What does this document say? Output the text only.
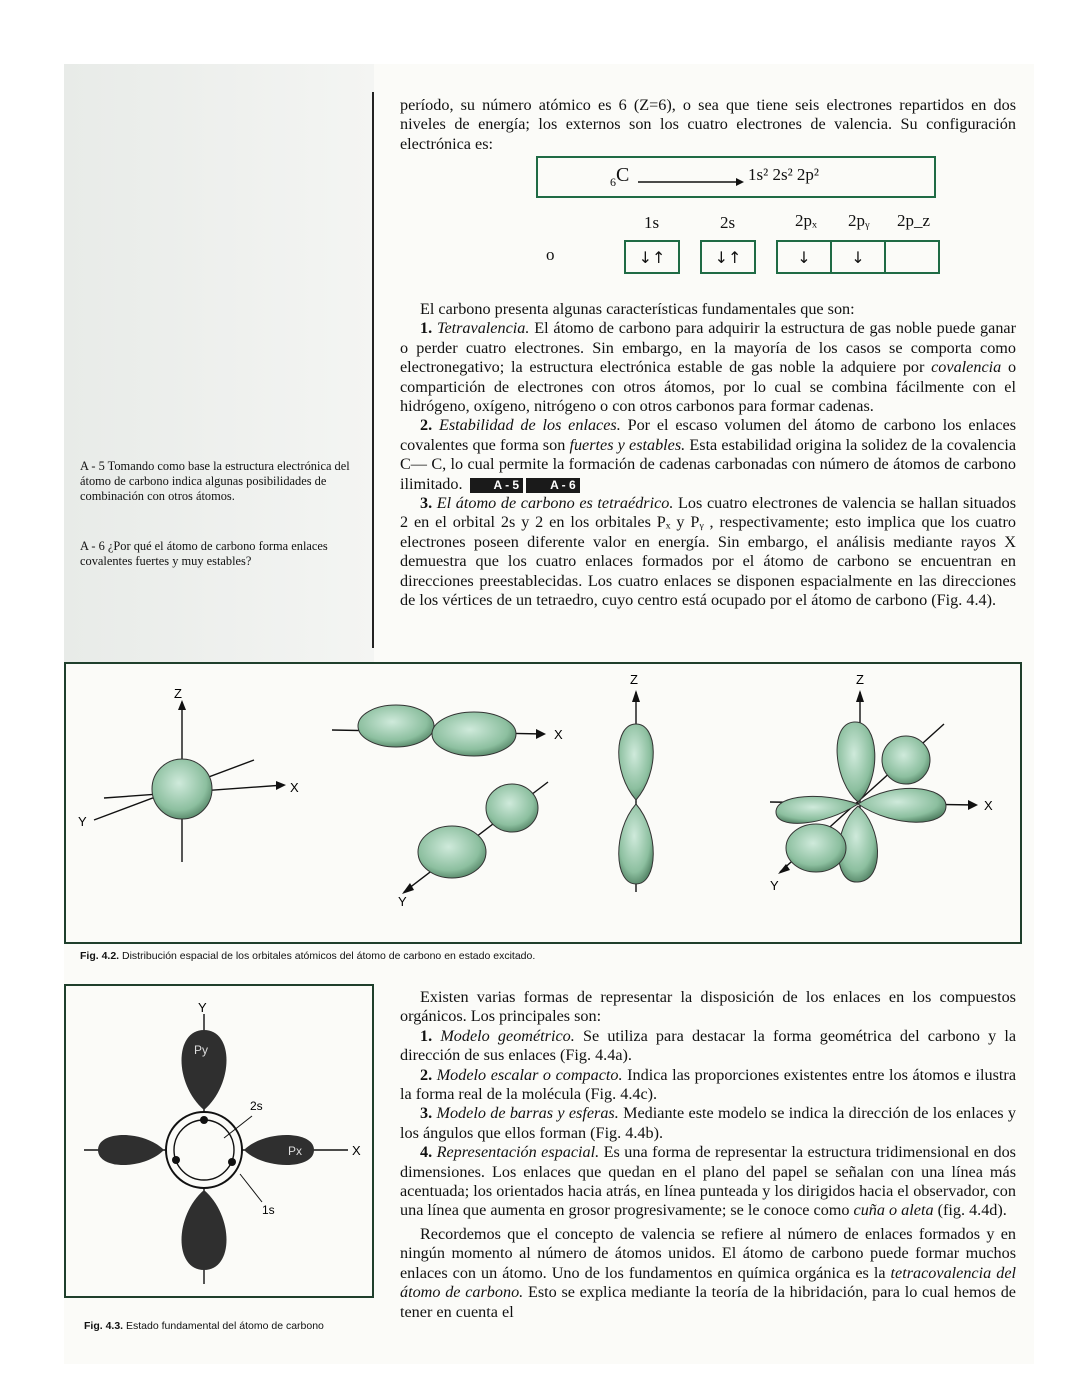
período, su número atómico es 6 (Z=6), o sea que tiene seis electrones repartidos en dos niveles de energía; los externos son los cuatro electrones de valencia. Su configuración electrónica es:

$_6$C	1s² 2s² 2p²
1s	2s	2pₓ 2pᵧ 2p_z
o	↓↑	↓↑	↓	↓

El carbono presenta algunas características fundamentales que son:

1. Tetravalencia. El átomo de carbono para adquirir la estructura de gas noble puede ganar o perder cuatro electrones. Sin embargo, en la mayoría de los casos se comporta como electronegativo; la estructura electrónica estable de gas noble la adquiere por covalencia o compartición de electrones con otros átomos, por lo cual se combina fácilmente con el hidrógeno, oxígeno, nitrógeno o con otros carbonos para formar cadenas.

2. Estabilidad de los enlaces. Por el escaso volumen del átomo de carbono los enlaces covalentes que forma son fuertes y estables. Esta estabilidad origina la solidez de la covalencia C— C, lo cual permite la formación de cadenas carbonadas con número de átomos de carbono ilimitado.	A - 5	A - 6

3. El átomo de carbono es tetraédrico. Los cuatro electrones de valencia se hallan situados 2 en el orbital 2s y 2 en los orbitales Pₓ y Pᵧ , respectivamente; esto implica que los cuatro electrones poseen diferente valor en energía. Sin embargo, el análisis mediante rayos X demuestra que los cuatro enlaces formados por el átomo de carbono se encuentran en direcciones preestablecidas. Los cuatro enlaces se disponen espacialmente en las direcciones de los vértices de un tetraedro, cuyo centro está ocupado por el átomo de carbono (Fig. 4.4).

A - 5 Tomando como base la estructura electrónica del átomo de carbono indica algunas posibilidades de combinación con otros átomos.

A - 6 ¿Por qué el átomo de carbono forma enlaces covalentes fuertes y muy estables?

Z
X
Y
X
Y
Z	Z
X
Y
Fig. 4.2. Distribución espacial de los orbitales atómicos del átomo de carbono en estado excitado.
Y
Py
Px	X
2s
1s
Fig. 4.3. Estado fundamental del átomo de carbono

Existen varias formas de representar la disposición de los enlaces en los compuestos orgánicos. Los principales son:

1. Modelo geométrico. Se utiliza para destacar la forma geométrica del carbono y la dirección de sus enlaces (Fig. 4.4a).

2. Modelo escalar o compacto. Indica las proporciones existentes entre los átomos e ilustra la forma real de la molécula (Fig. 4.4c).

3. Modelo de barras y esferas. Mediante este modelo se indica la dirección de los enlaces y los ángulos que ellos forman (Fig. 4.4b).

4. Representación espacial. Es una forma de representar la estructura tridimensional en dos dimensiones. Los enlaces que quedan en el plano del papel se señalan con una línea más acentuada; los orientados hacia atrás, en línea punteada y los dirigidos hacia el observador, con una línea que aumenta en grosor progresivamente; se le conoce como cuña o aleta (fig. 4.4d).

Recordemos que el concepto de valencia se refiere al número de enlaces formados y en ningún momento al número de átomos unidos. El átomo de carbono puede formar muchos enlaces con un átomo. Uno de los fundamentos en química orgánica es la tetracovalencia del átomo de carbono. Esto se explica mediante la teoría de la hibridación, para lo cual hemos de tener en cuenta el
